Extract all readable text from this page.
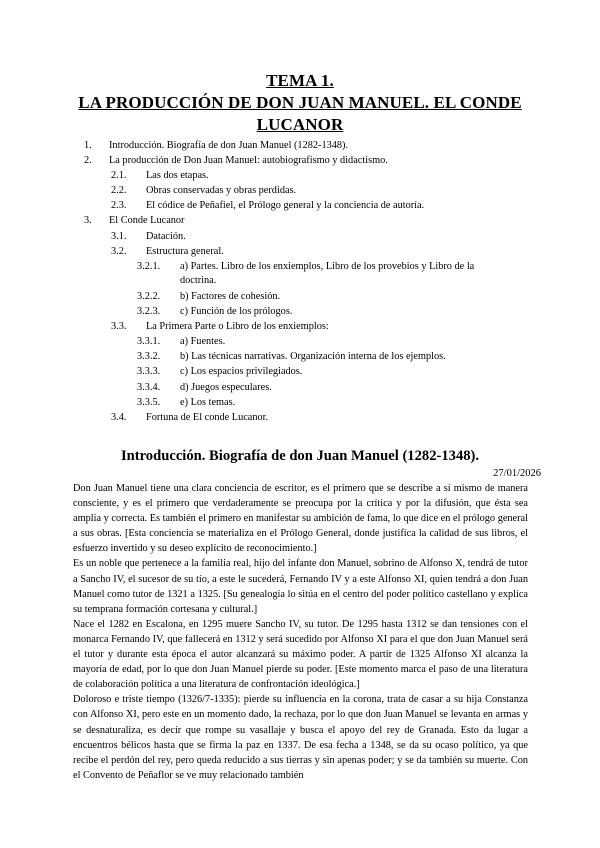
TEMA 1.
LA PRODUCCIÓN DE DON JUAN MANUEL. EL CONDE
LUCANOR
1. Introducción. Biografía de don Juan Manuel (1282-1348).
2. La producción de Don Juan Manuel: autobiografismo y didactismo.
2.1. Las dos etapas.
2.2. Obras conservadas y obras perdidas.
2.3. El códice de Peñafiel, el Prólogo general y la conciencia de autoría.
3. El Conde Lucanor
3.1. Datación.
3.2. Estructura general.
3.2.1. a) Partes. Libro de los enxiemplos, Libro de los provebios y Libro de la doctrina.
3.2.2. b) Factores de cohesión.
3.2.3. c) Función de los prólogos.
3.3. La Primera Parte o Libro de los enxiemplos:
3.3.1. a) Fuentes.
3.3.2. b) Las técnicas narrativas. Organización interna de los ejemplos.
3.3.3. c) Los espacios privilegiados.
3.3.4. d) Juegos especulares.
3.3.5. e) Los temas.
3.4. Fortuna de El conde Lucanor.
Introducción. Biografía de don Juan Manuel (1282-1348).
27/01/2026

Don Juan Manuel tiene una clara conciencia de escritor, es el primero que se describe a sí mismo de manera consciente, y es el primero que verdaderamente se preocupa por la crítica y por la difusión, que ésta sea amplia y correcta. Es también el primero en manifestar su ambición de fama, lo que dice en el prólogo general a sus obras. [Esta conciencia se materializa en el Prólogo General, donde justifica la calidad de sus libros, el esfuerzo invertido y su deseo explícito de reconocimiento.]

Es un noble que pertenece a la familia real, hijo del infante don Manuel, sobrino de Alfonso X, tendrá de tutor a Sancho IV, el sucesor de su tío, a este le sucederá, Fernando IV y a este Alfonso XI, quien tendrá a don Juan Manuel como tutor de 1321 a 1325. [Su genealogía lo sitúa en el centro del poder político castellano y explica su temprana formación cortesana y cultural.]

Nace el 1282 en Escalona, en 1295 muere Sancho IV, su tutor. De 1295 hasta 1312 se dan tensiones con el monarca Fernando IV, que fallecerá en 1312 y será sucedido por Alfonso XI para el que don Juan Manuel será el tutor y durante esta época el autor alcanzará su máximo poder. A partir de 1325 Alfonso XI alcanza la mayoría de edad, por lo que don Juan Manuel pierde su poder. [Este momento marca el paso de una literatura de colaboración política a una literatura de confrontación ideológica.]

Doloroso e triste tiempo (1326/7-1335): pierde su influencia en la corona, trata de casar a su hija Constanza con Alfonso XI, pero este en un momento dado, la rechaza, por lo que don Juan Manuel se levanta en armas y se desnaturaliza, es decir que rompe su vasallaje y busca el apoyo del rey de Granada. Esto da lugar a encuentros bélicos hasta que se firma la paz en 1337. De esa fecha a 1348, se da su ocaso político, ya que recibe el perdón del rey, pero queda reducido a sus tierras y sin apenas poder; y se da también su muerte. Con el Convento de Peñaflor se ve muy relacionado también
